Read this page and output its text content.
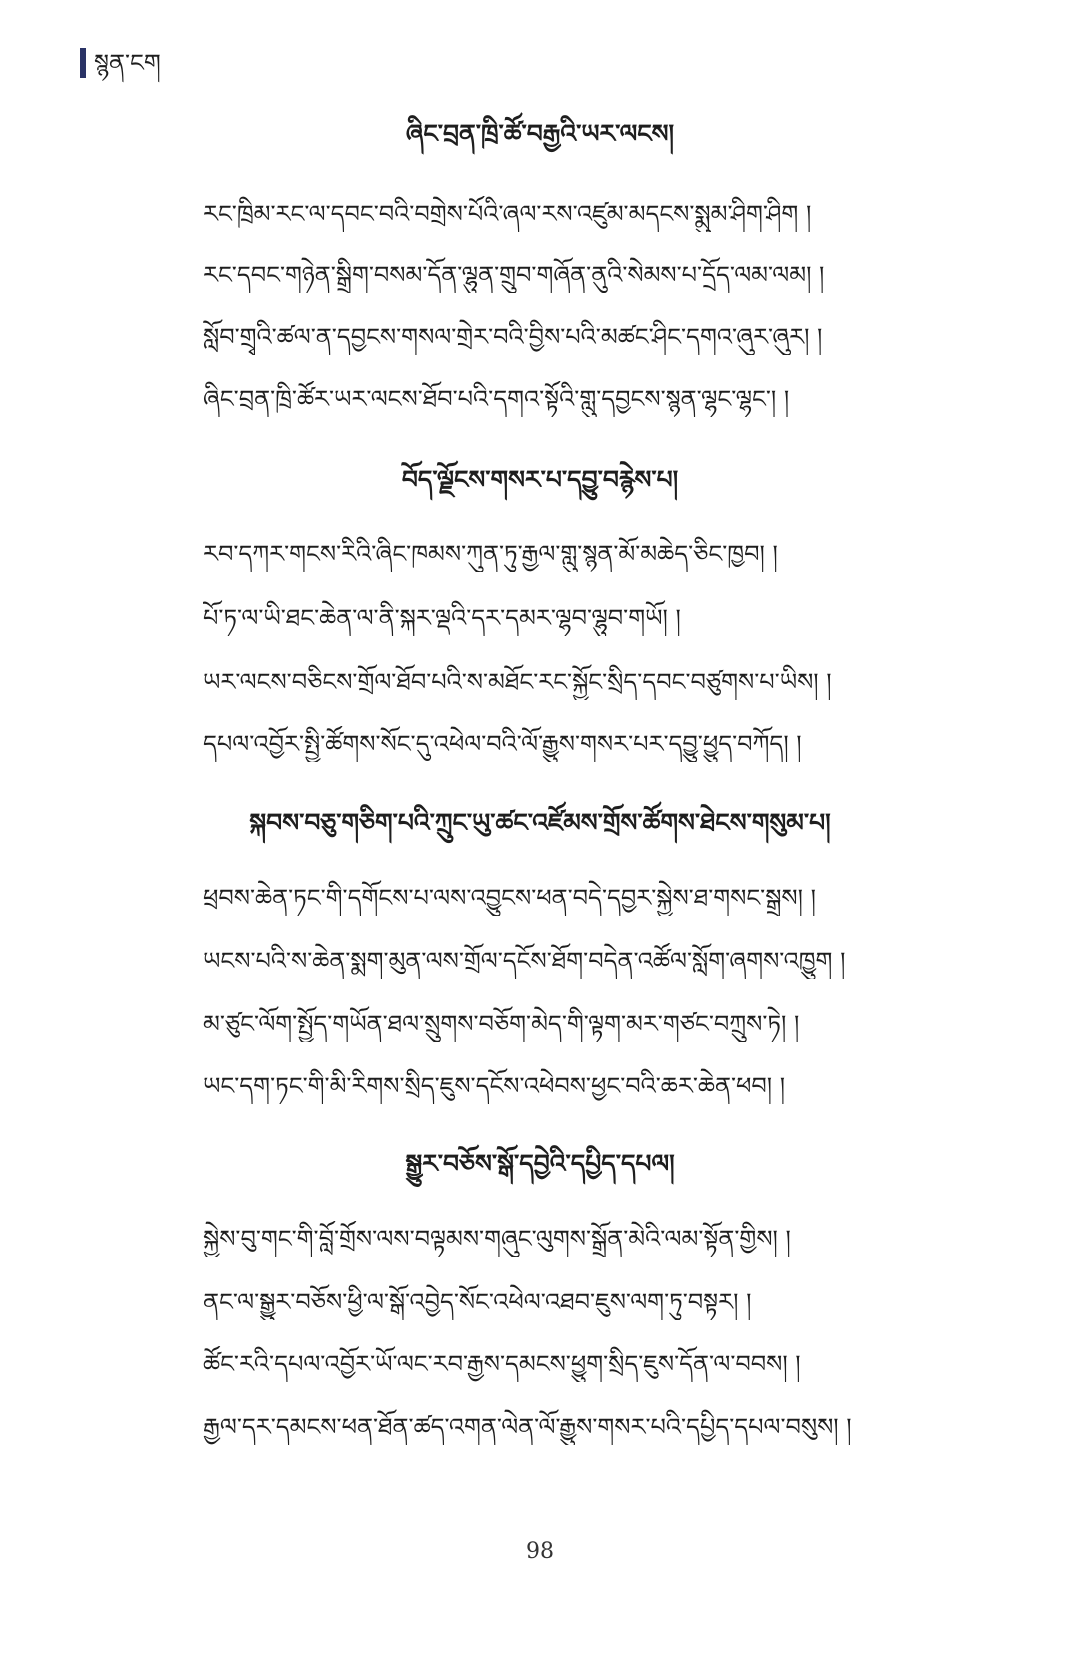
སྙན་ངག
ཞིང་བྲན་ཁྲི་ཚོ་བརྒྱའི་ཡར་ལངས།
རང་ཁྲིམ་རང་ལ་དབང་བའི་བགྲེས་པོའི་ཞལ་རས་འཛུམ་མདངས་སྨུམ་ཤིག་ཤིག །
རང་དབང་གཉེན་སྒྲིག་བསམ་དོན་ལྷུན་གྲུབ་གཞོན་ནུའི་སེམས་པ་དྲོད་ལམ་ལམ། །
སློབ་གྲྭའི་ཚལ་ན་དབྱངས་གསལ་གྲེར་བའི་བྱིས་པའི་མཚང་ཤིང་དགའ་ཞུར་ཞུར། །
ཞིང་བྲན་ཁྲི་ཚོར་ཡར་ལངས་ཐོབ་པའི་དགའ་སྟོའི་གླུ་དབྱངས་སྙན་ལྷང་ལྷང་། །
བོད་ལྗོངས་གསར་པ་དབྱུ་བརྙེས་པ།
རབ་དཀར་གངས་རིའི་ཞིང་ཁམས་ཀུན་ཏུ་རྒྱལ་གླུ་སྙན་མོ་མཆེད་ཅིང་ཁྱབ། །
པོ་ཏ་ལ་ཡི་ཐང་ཆེན་ལ་ནི་སྐར་ལྡའི་དར་དམར་ལྷབ་ལྷུབ་གཡོ། །
ཡར་ལངས་བཅིངས་གྲོལ་ཐོབ་པའི་ས་མཐོང་རང་སྐྱོང་སྲིད་དབང་བཙུགས་པ་ཡིས། །
དཔལ་འབྱོར་སྤྱི་ཚོགས་སོང་དུ་འཕེལ་བའི་ལོ་རྒྱུས་གསར་པར་དབྱུ་ཕྱུད་བཀོད། །
སྐབས་བཅུ་གཅིག་པའི་ཀྲུང་ཡུ་ཚང་འཛོམས་གྲོས་ཚོགས་ཐེངས་གསུམ་པ།
ཕྲབས་ཆེན་ཏང་གི་དགོངས་པ་ལས་འབྱུངས་ཕན་བདེ་དབྱར་སྐྱེས་ཐ་གསང་སྒྲས། །
ཡངས་པའི་ས་ཆེན་སྨག་མུན་ལས་གྲོལ་དངོས་ཐོག་བདེན་འཚོལ་སློག་ཞགས་འཁྱུག །
མ་ཙུང་ལོག་སྤྱོད་གཡོན་ཐལ་སྲུགས་བཅོག་མེད་གི་ལྟག་མར་གཙང་བཀྲུས་ཏེ། །
ཡང་དག་ཏང་གི་མི་རིགས་སྲིད་ཇུས་དངོས་འཕེབས་ཕྱང་བའི་ཆར་ཆེན་ཕབ། །
སྒྱུར་བཅོས་སྒོ་དབྱེའི་དཔྱིད་དཔལ།
སྐྱེས་བུ་གང་གི་བློ་གྲོས་ལས་བལྟམས་གཞུང་ལུགས་སྒྲོན་མེའི་ལམ་སྟོན་གྱིས། །
ནང་ལ་སྒྱུར་བཅོས་ཕྱི་ལ་སྒོ་འབྱེད་སོང་འཕེལ་འཐབ་ཇུས་ལག་ཏུ་བསྟར། །
ཚོང་རའི་དཔལ་འབྱོར་ཡོ་ལང་རབ་རྒྱས་དམངས་ཕྱུག་སྲིད་ཇུས་དོན་ལ་བབས། །
རྒྱལ་དར་དམངས་ཕན་ཐོན་ཚད་འགན་ལེན་ལོ་རྒྱུས་གསར་པའི་དཔྱིད་དཔལ་བསུས། །
98
